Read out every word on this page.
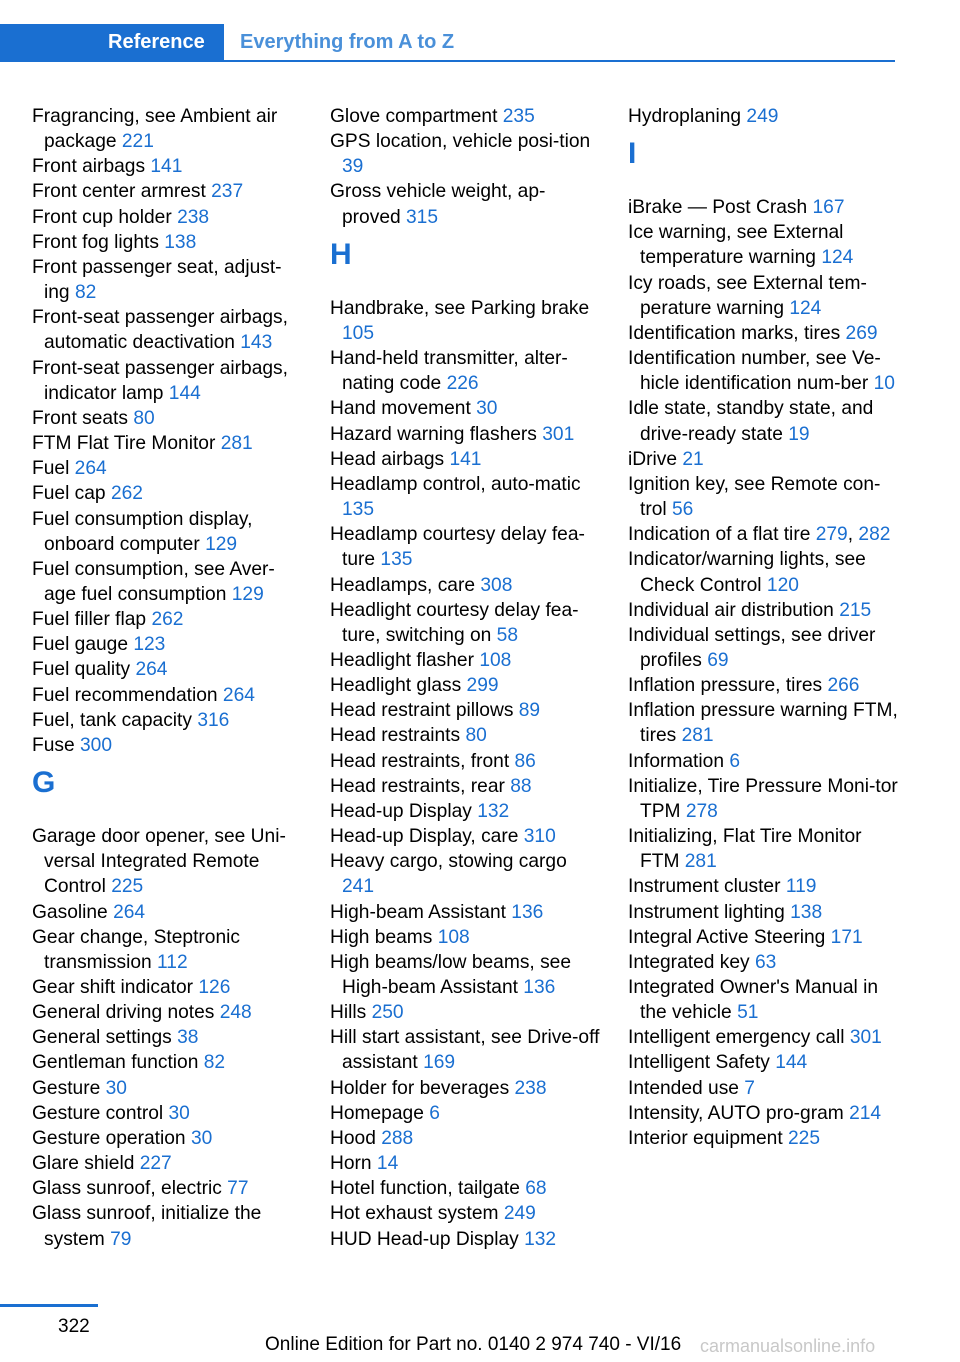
Reference Everything from A to Z
Fragrancing, see Ambient air package 221
Front airbags 141
Front center armrest 237
Front cup holder 238
Front fog lights 138
Front passenger seat, adjust‐ing 82
Front-seat passenger airbags, automatic deactivation 143
Front-seat passenger airbags, indicator lamp 144
Front seats 80
FTM Flat Tire Monitor 281
Fuel 264
Fuel cap 262
Fuel consumption display, onboard computer 129
Fuel consumption, see Aver‐age fuel consumption 129
Fuel filler flap 262
Fuel gauge 123
Fuel quality 264
Fuel recommendation 264
Fuel, tank capacity 316
Fuse 300
G
Garage door opener, see Uni‐versal Integrated Remote Control 225
Gasoline 264
Gear change, Steptronic transmission 112
Gear shift indicator 126
General driving notes 248
General settings 38
Gentleman function 82
Gesture 30
Gesture control 30
Gesture operation 30
Glare shield 227
Glass sunroof, electric 77
Glass sunroof, initialize the system 79
Glove compartment 235
GPS location, vehicle posi‐tion 39
Gross vehicle weight, ap‐proved 315
H
Handbrake, see Parking brake 105
Hand-held transmitter, alter‐nating code 226
Hand movement 30
Hazard warning flashers 301
Head airbags 141
Headlamp control, auto‐matic 135
Headlamp courtesy delay fea‐ture 135
Headlamps, care 308
Headlight courtesy delay fea‐ture, switching on 58
Headlight flasher 108
Headlight glass 299
Head restraint pillows 89
Head restraints 80
Head restraints, front 86
Head restraints, rear 88
Head-up Display 132
Head-up Display, care 310
Heavy cargo, stowing cargo 241
High-beam Assistant 136
High beams 108
High beams/low beams, see High-beam Assistant 136
Hills 250
Hill start assistant, see Drive-off assistant 169
Holder for beverages 238
Homepage 6
Hood 288
Horn 14
Hotel function, tailgate 68
Hot exhaust system 249
HUD Head-up Display 132
Hydroplaning 249
I
iBrake — Post Crash 167
Ice warning, see External temperature warning 124
Icy roads, see External tem‐perature warning 124
Identification marks, tires 269
Identification number, see Ve‐hicle identification num‐ber 10
Idle state, standby state, and drive-ready state 19
iDrive 21
Ignition key, see Remote con‐trol 56
Indication of a flat tire 279, 282
Indicator/warning lights, see Check Control 120
Individual air distribution 215
Individual settings, see driver profiles 69
Inflation pressure, tires 266
Inflation pressure warning FTM, tires 281
Information 6
Initialize, Tire Pressure Moni‐tor TPM 278
Initializing, Flat Tire Monitor FTM 281
Instrument cluster 119
Instrument lighting 138
Integral Active Steering 171
Integrated key 63
Integrated Owner's Manual in the vehicle 51
Intelligent emergency call 301
Intelligent Safety 144
Intended use 7
Intensity, AUTO pro‐gram 214
Interior equipment 225
322
Online Edition for Part no. 0140 2 974 740 - VI/16 carmanualsonline.info
